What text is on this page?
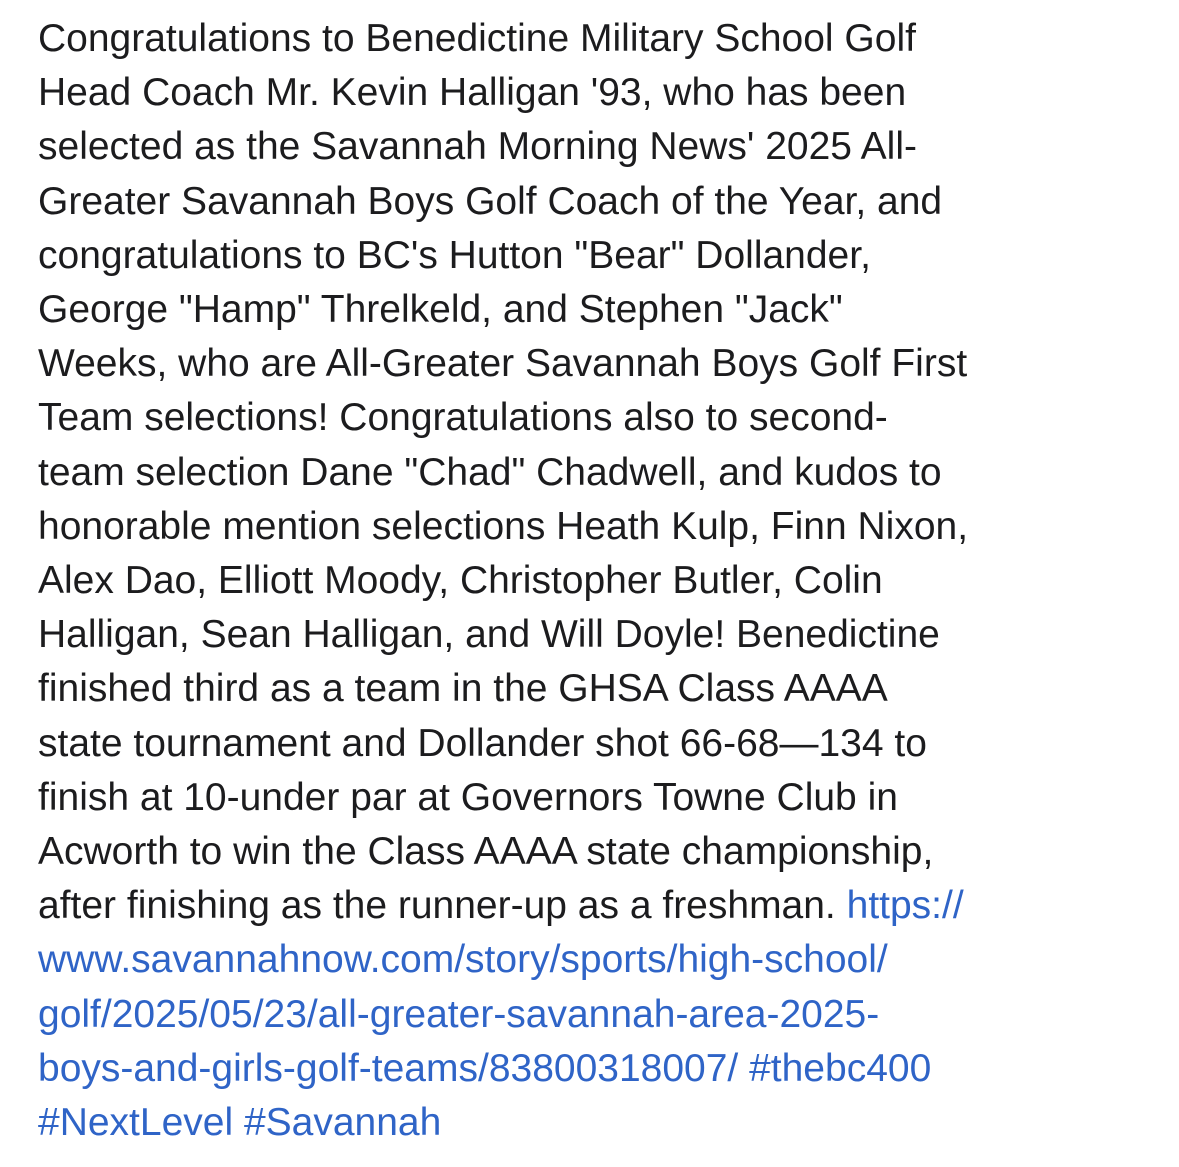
Congratulations to Benedictine Military School Golf
Head Coach Mr. Kevin Halligan '93, who has been
selected as the Savannah Morning News' 2025 All-
Greater Savannah Boys Golf Coach of the Year, and
congratulations to BC's Hutton "Bear" Dollander,
George "Hamp" Threlkeld, and Stephen "Jack"
Weeks, who are All-Greater Savannah Boys Golf First
Team selections! Congratulations also to second-
team selection Dane "Chad" Chadwell, and kudos to
honorable mention selections Heath Kulp, Finn Nixon,
Alex Dao, Elliott Moody, Christopher Butler, Colin
Halligan, Sean Halligan, and Will Doyle! Benedictine
finished third as a team in the GHSA Class AAAA
state tournament and Dollander shot 66-68—134 to
finish at 10-under par at Governors Towne Club in
Acworth to win the Class AAAA state championship,
after finishing as the runner-up as a freshman. https://
www.savannahnow.com/story/sports/high-school/
golf/2025/05/23/all-greater-savannah-area-2025-
boys-and-girls-golf-teams/83800318007/ #thebc400
#NextLevel #Savannah
